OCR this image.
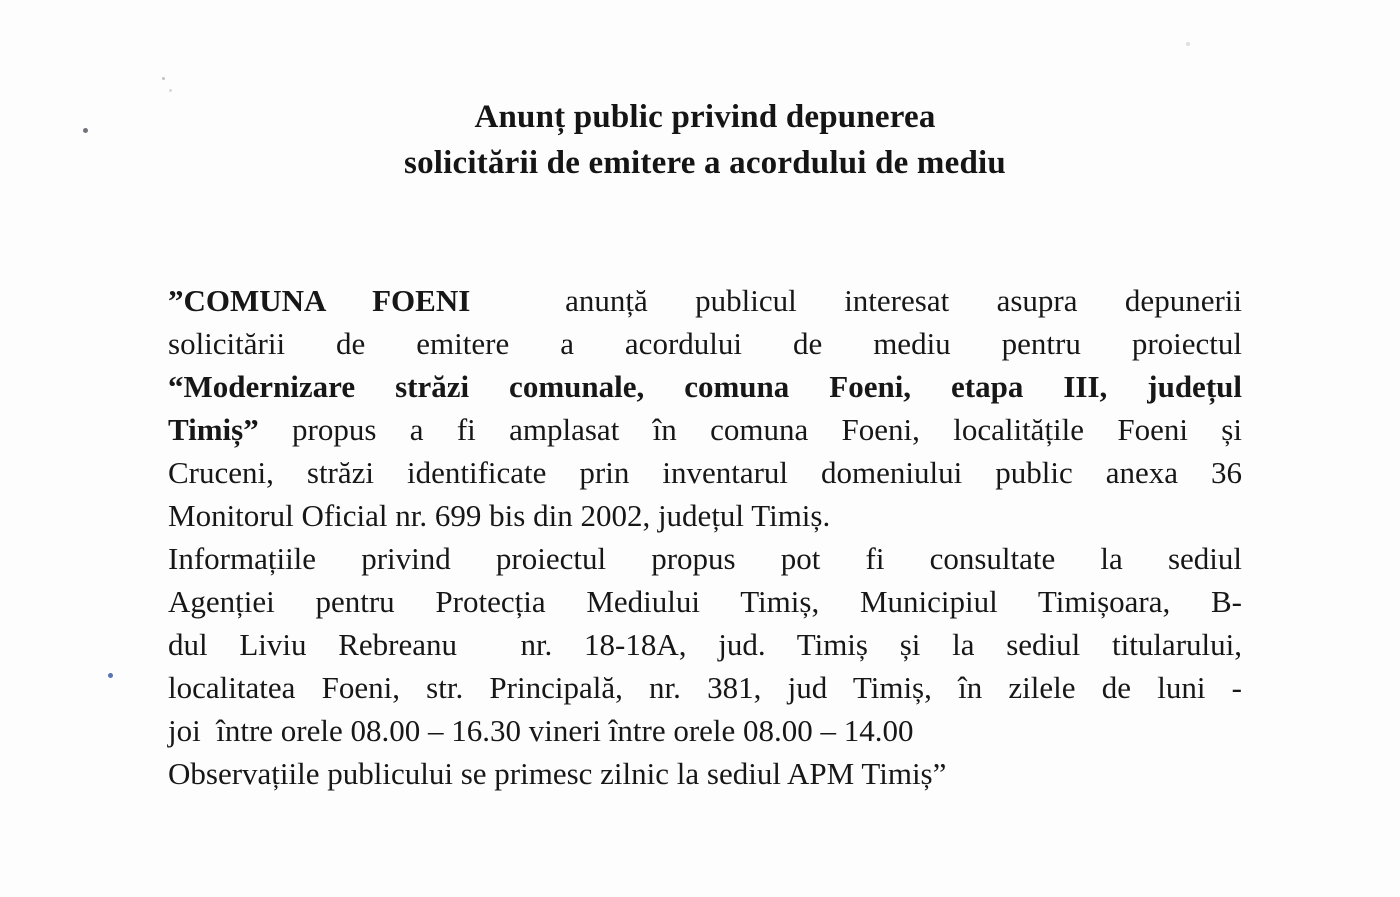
Anunț public privind depunerea
solicitării de emitere a acordului de mediu
”COMUNA FOENI  anunță publicul interesat asupra depunerii
solicitării de emitere a acordului de mediu pentru proiectul
“Modernizare străzi comunale, comuna Foeni, etapa III, județul
Timiș” propus a fi amplasat în comuna Foeni, localitățile Foeni și
Cruceni, străzi identificate prin inventarul domeniului public anexa 36
Monitorul Oficial nr. 699 bis din 2002, județul Timiș.
Informațiile privind proiectul propus pot fi consultate la sediul
Agenției pentru Protecția Mediului Timiș, Municipiul Timișoara, B-
dul Liviu Rebreanu  nr. 18-18A, jud. Timiș și la sediul titularului,
localitatea Foeni, str. Principală, nr. 381, jud Timiș, în zilele de luni -
joi  între orele 08.00 – 16.30 vineri între orele 08.00 – 14.00
Observațiile publicului se primesc zilnic la sediul APM Timiș”
